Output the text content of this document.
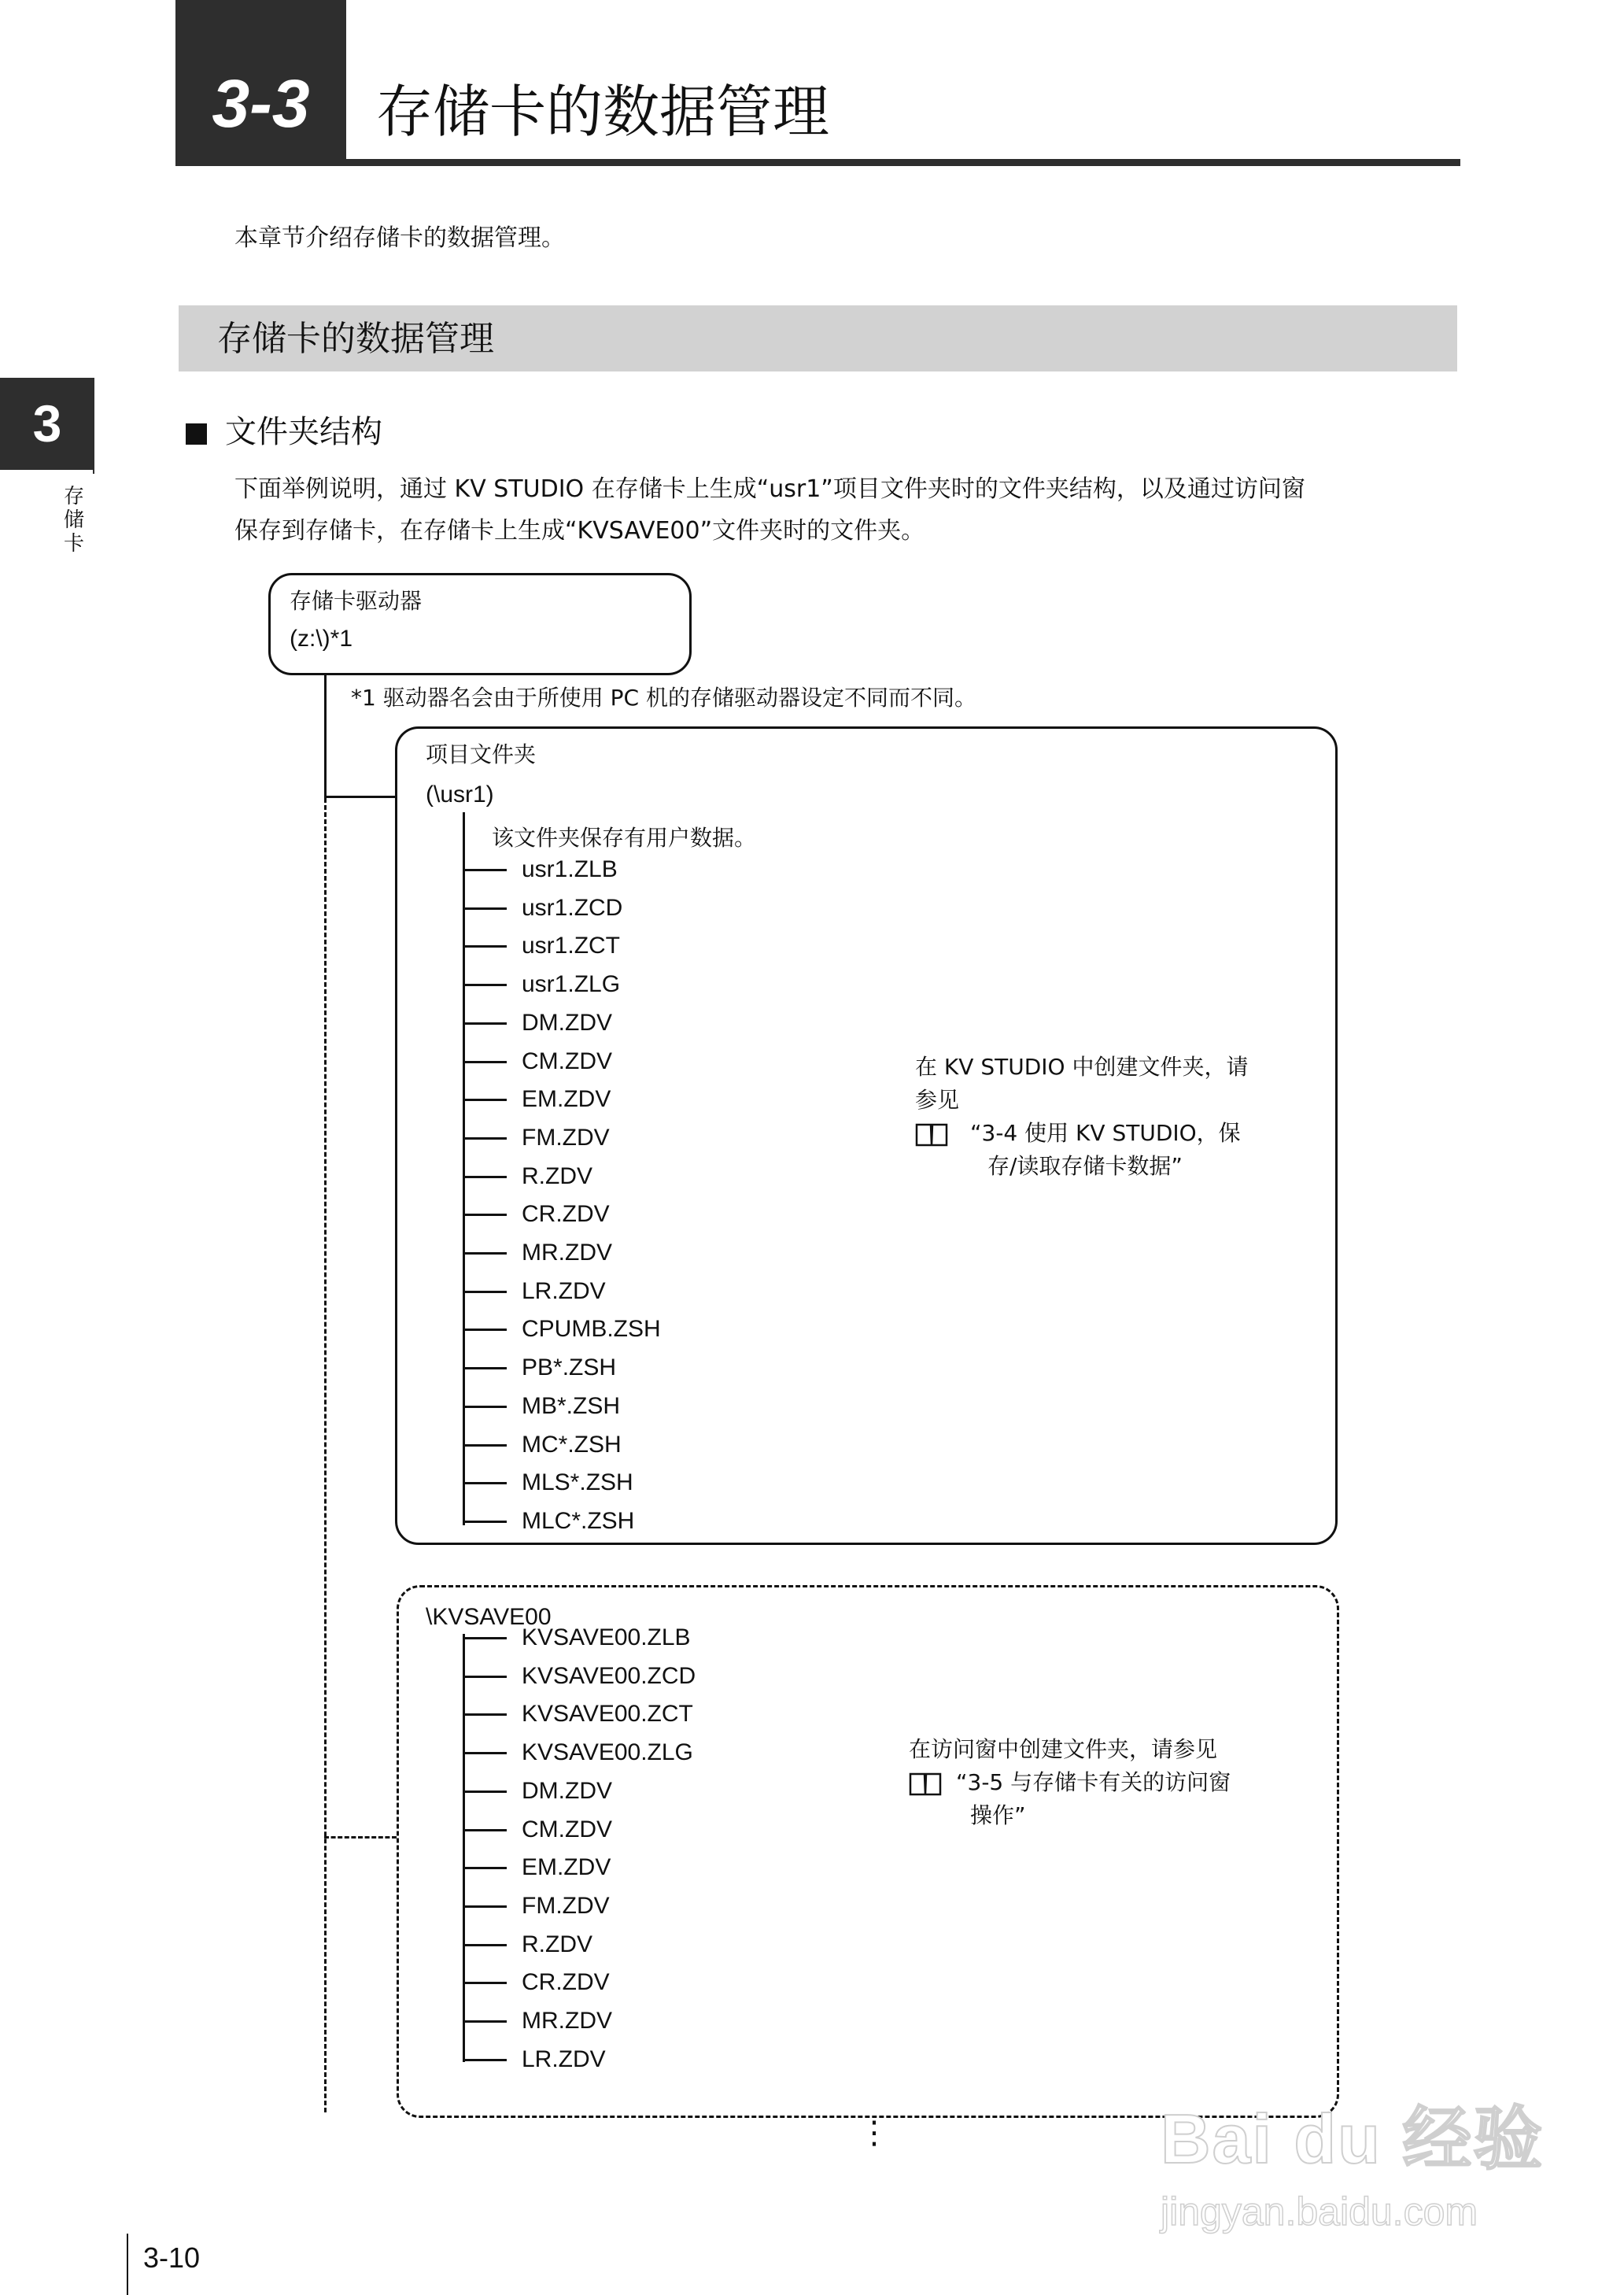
3-3	存储卡的数据管理
本章节介绍存储卡的数据管理。
存储卡的数据管理
3
存储卡
文件夹结构
下面举例说明，通过 KV STUDIO 在存储卡上生成“usr1”项目文件夹时的文件夹结构，以及通过访问窗
保存到存储卡，在存储卡上生成“KVSAVE00”文件夹时的文件夹。
存储卡驱动器
(z:\)*1
*1 驱动器名会由于所使用 PC 机的存储驱动器设定不同而不同。
项目文件夹
(\usr1)
该文件夹保存有用户数据。
usr1.ZLB
usr1.ZCD
usr1.ZCT
usr1.ZLG
DM.ZDV
CM.ZDV
EM.ZDV
FM.ZDV
R.ZDV
CR.ZDV
MR.ZDV
LR.ZDV
CPUMB.ZSH
PB*.ZSH
MB*.ZSH
MC*.ZSH
MLS*.ZSH
MLC*.ZSH
在 KV STUDIO 中创建文件夹，请
参见
“3-4 使用 KV STUDIO，保
存/读取存储卡数据”
\KVSAVE00
KVSAVE00.ZLB
KVSAVE00.ZCD
KVSAVE00.ZCT
KVSAVE00.ZLG
DM.ZDV
CM.ZDV
EM.ZDV
FM.ZDV
R.ZDV
CR.ZDV
MR.ZDV
LR.ZDV
在访问窗中创建文件夹，请参见
“3-5 与存储卡有关的访问窗
操作”
⋮
3-10
Bai du 经验
jingyan.baidu.com
